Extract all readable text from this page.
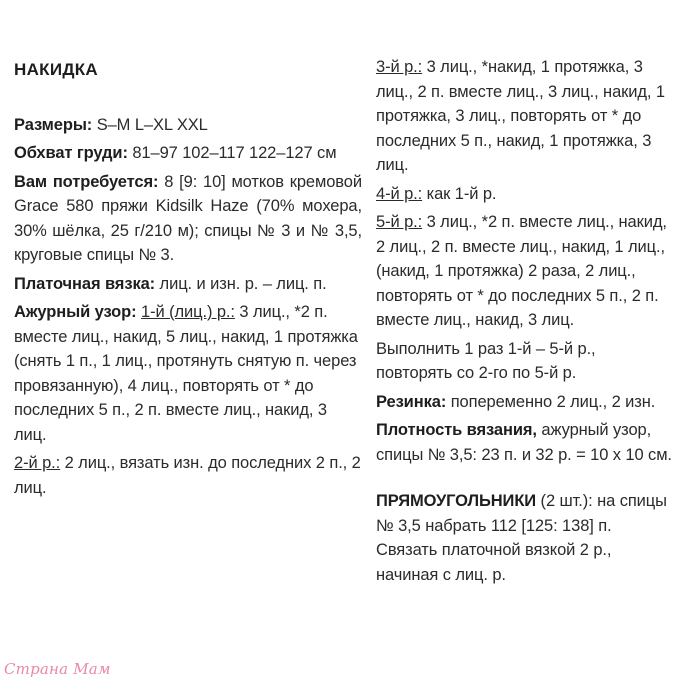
НАКИДКА

Размеры: S–M L–XL XXL

Обхват груди: 81–97 102–117 122–127 см

Вам потребуется: 8 [9: 10] мотков кремовой Grace 580 пряжи Kidsilk Haze (70% мохера, 30% шёлка, 25 г/210 м); спицы № 3 и № 3,5, круговые спицы № 3.

Платочная вязка: лиц. и изн. р. – лиц. п.

Ажурный узор: 1-й (лиц.) р.: 3 лиц., *2 п. вместе лиц., накид, 5 лиц., накид, 1 протяжка (снять 1 п., 1 лиц., протянуть снятую п. через провязанную), 4 лиц., повторять от * до последних 5 п., 2 п. вместе лиц., накид, 3 лиц.

2-й р.: 2 лиц., вязать изн. до последних 2 п., 2 лиц.

3-й р.: 3 лиц., *накид, 1 протяжка, 3 лиц., 2 п. вместе лиц., 3 лиц., накид, 1 протяжка, 3 лиц., повторять от * до последних 5 п., накид, 1 протяжка, 3 лиц.

4-й р.: как 1-й р.

5-й р.: 3 лиц., *2 п. вместе лиц., накид, 2 лиц., 2 п. вместе лиц., накид, 1 лиц., (накид, 1 протяжка) 2 раза, 2 лиц., повторять от * до последних 5 п., 2 п. вместе лиц., накид, 3 лиц.

Выполнить 1 раз 1-й – 5-й р., повторять со 2-го по 5-й р.

Резинка: попеременно 2 лиц., 2 изн.

Плотность вязания, ажурный узор, спицы № 3,5: 23 п. и 32 р. = 10 х 10 см.

ПРЯМОУГОЛЬНИКИ (2 шт.): на спицы № 3,5 набрать 112 [125: 138] п. Связать платочной вязкой 2 р., начиная с лиц. р.

Страна Мам
